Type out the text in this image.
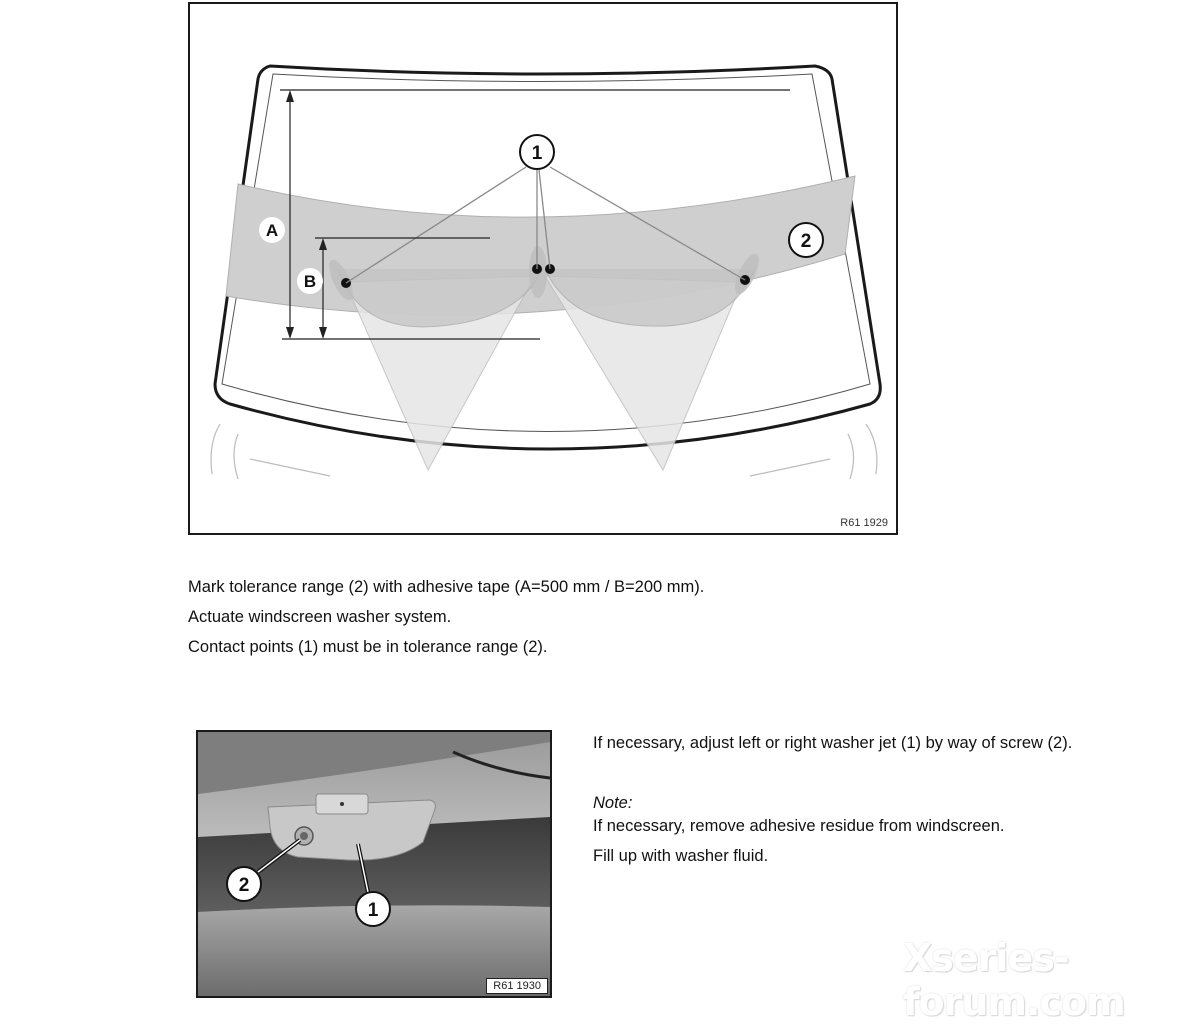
A
B
1
2
R61 1929
Mark tolerance range (2) with adhesive tape (A=500 mm / B=200 mm).
Actuate windscreen washer system.
Contact points (1) must be in tolerance range (2).
2
1
R61 1930
If necessary, adjust left or right washer jet (1) by way of screw (2).
Note:
If necessary, remove adhesive residue from windscreen.
Fill up with washer fluid.
Xseries-forum.com
